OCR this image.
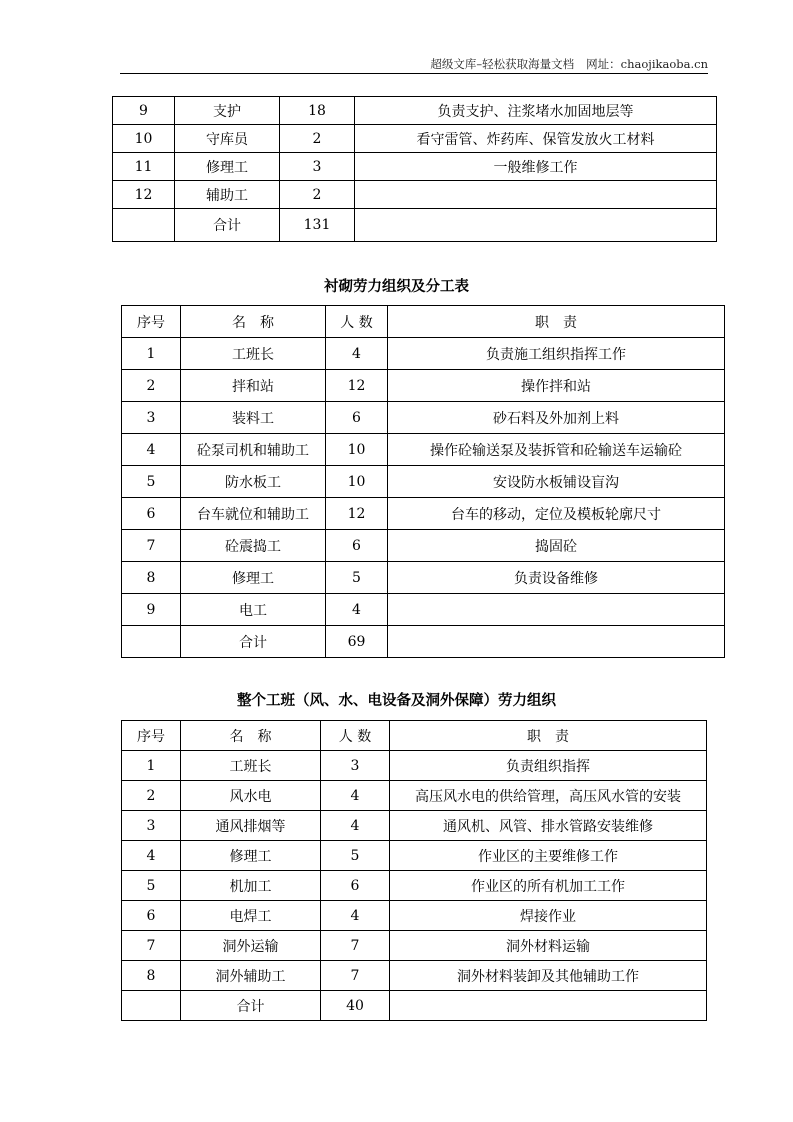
超级文库–轻松获取海量文档 网址：chaojikaoba.cn
9	支护	18	负责支护、注浆堵水加固地层等
10	守库员	2	看守雷管、炸药库、保管发放火工材料
11	修理工	3	一般维修工作
12	辅助工	2	
	合计	131	
衬砌劳力组织及分工表
序号	名　称	人 数	职　责
1	工班长	4	负责施工组织指挥工作
2	拌和站	12	操作拌和站
3	装料工	6	砂石料及外加剂上料
4	砼泵司机和辅助工	10	操作砼输送泵及装拆管和砼输送车运输砼
5	防水板工	10	安设防水板铺设盲沟
6	台车就位和辅助工	12	台车的移动，定位及模板轮廓尺寸
7	砼震捣工	6	捣固砼
8	修理工	5	负责设备维修
9	电工	4	
	合计	69	
整个工班（风、水、电设备及洞外保障）劳力组织
序号	名　称	人 数	职　责
1	工班长	3	负责组织指挥
2	风水电	4	高压风水电的供给管理，高压风水管的安装
3	通风排烟等	4	通风机、风管、排水管路安装维修
4	修理工	5	作业区的主要维修工作
5	机加工	6	作业区的所有机加工工作
6	电焊工	4	焊接作业
7	洞外运输	7	洞外材料运输
8	洞外辅助工	7	洞外材料装卸及其他辅助工作
	合计	40	
